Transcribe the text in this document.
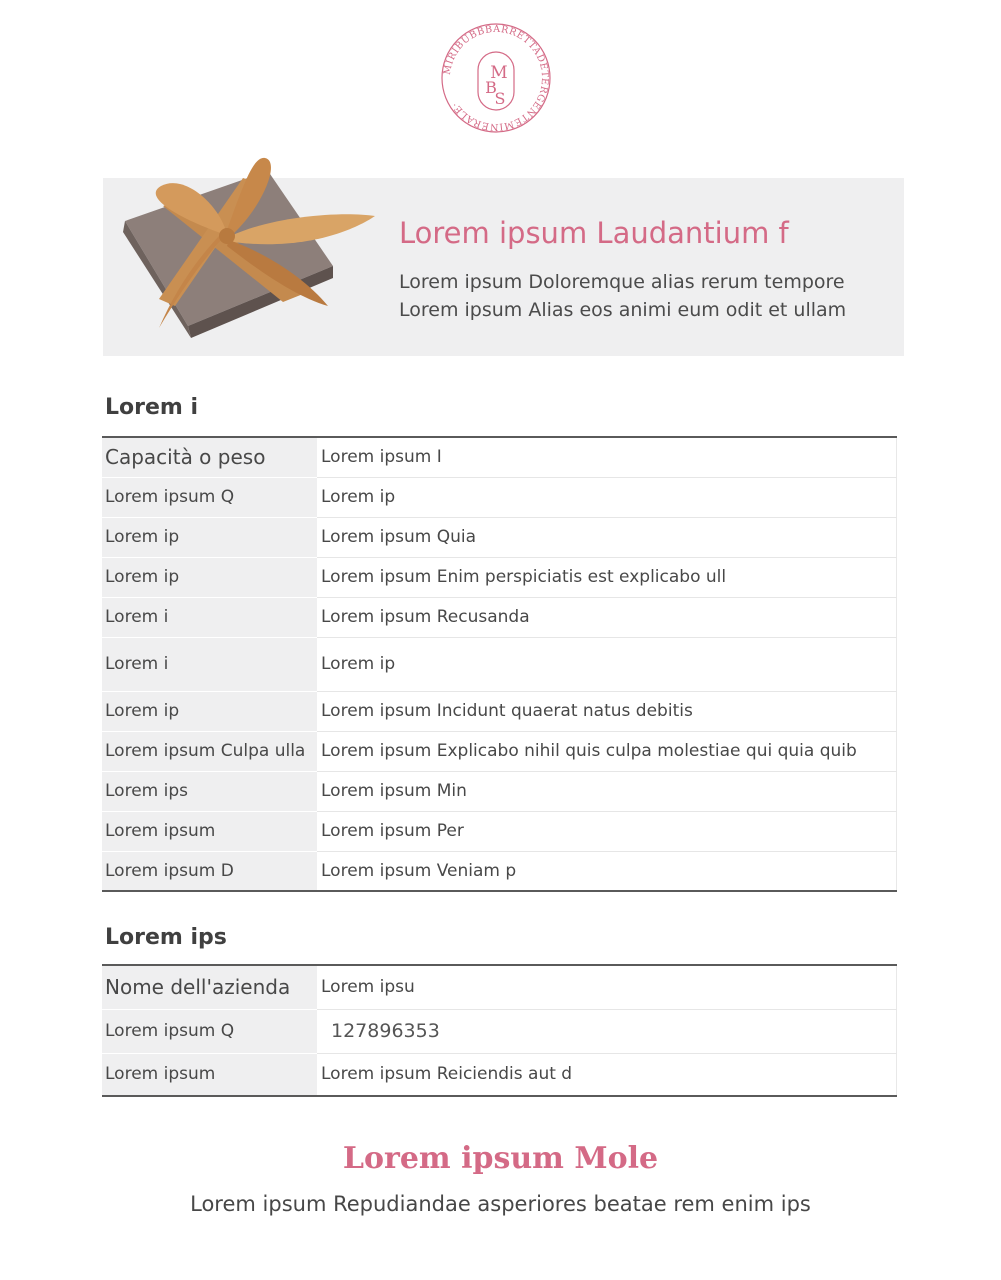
MIRIBUBBBARRETTADETERGENTEMINERALE·
M
B
S
Lorem ipsum Laudantium f

Lorem ipsum Doloremque alias rerum tempore

Lorem ipsum Alias eos animi eum odit et ullam

Lorem i
Capacità o peso	Lorem ipsum I
Lorem ipsum Q	Lorem ip
Lorem ip	Lorem ipsum Quia
Lorem ip	Lorem ipsum Enim perspiciatis est explicabo ull
Lorem i	Lorem ipsum Recusanda
Lorem i	Lorem ip
Lorem ip	Lorem ipsum Incidunt quaerat natus debitis
Lorem ipsum Culpa ulla	Lorem ipsum Explicabo nihil quis culpa molestiae qui quia quib
Lorem ips	Lorem ipsum Min
Lorem ipsum	Lorem ipsum Per
Lorem ipsum D	Lorem ipsum Veniam p
Lorem ips
Nome dell'azienda	Lorem ipsu
Lorem ipsum Q	127896353
Lorem ipsum	Lorem ipsum Reiciendis aut d
Lorem ipsum Mole

Lorem ipsum Repudiandae asperiores beatae rem enim ips
